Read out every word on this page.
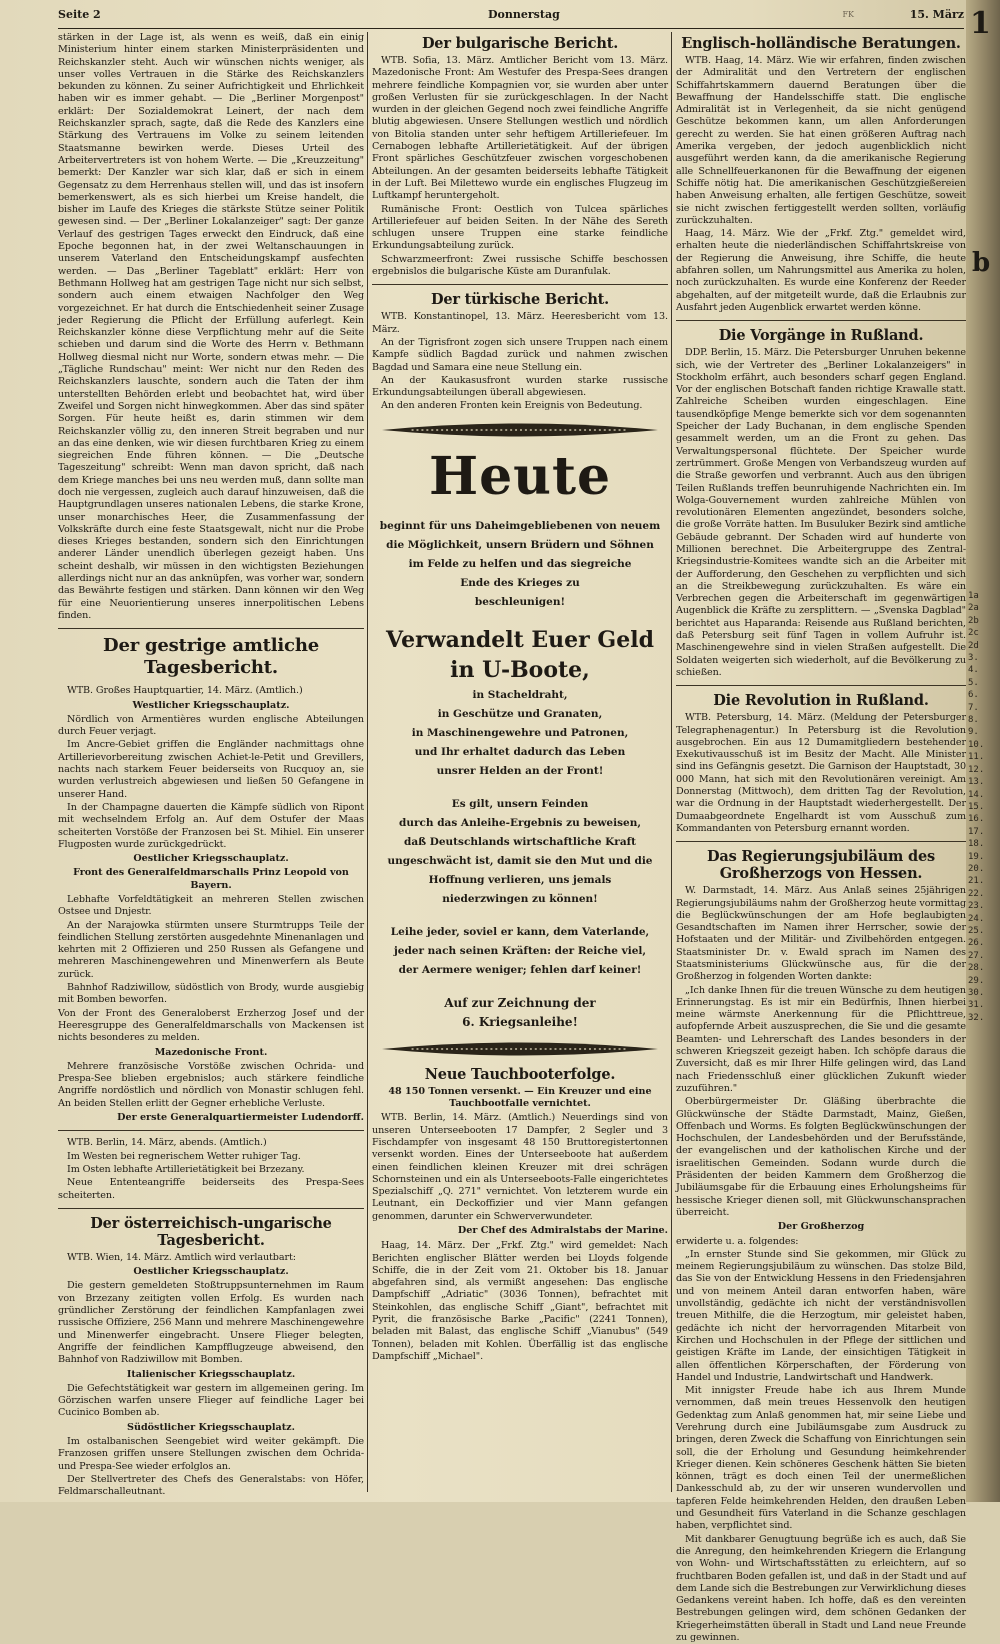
Seite 2	Donnerstag	FK	15. März

stärken in der Lage ist, als wenn es weiß, daß ein einig Ministerium hinter einem starken Ministerpräsidenten und Reichskanzler steht. Auch wir wünschen nichts weniger, als unser volles Vertrauen in die Stärke des Reichskanzlers bekunden zu können. Zu seiner Aufrichtigkeit und Ehrlichkeit haben wir es immer gehabt. — Die „Berliner Morgenpost" erklärt: Der Sozialdemokrat Leinert, der nach dem Reichskanzler sprach, sagte, daß die Rede des Kanzlers eine Stärkung des Vertrauens im Volke zu seinem leitenden Staatsmanne bewirken werde. Dieses Urteil des Arbeitervertreters ist von hohem Werte. — Die „Kreuzzeitung" bemerkt: Der Kanzler war sich klar, daß er sich in einem Gegensatz zu dem Herrenhaus stellen will, und das ist insofern bemerkenswert, als es sich hierbei um Kreise handelt, die bisher im Laufe des Krieges die stärkste Stütze seiner Politik gewesen sind. — Der „Berliner Lokalanzeiger" sagt: Der ganze Verlauf des gestrigen Tages erweckt den Eindruck, daß eine Epoche begonnen hat, in der zwei Weltanschauungen in unserem Vaterland den Entscheidungskampf ausfechten werden. — Das „Berliner Tageblatt" erklärt: Herr von Bethmann Hollweg hat am gestrigen Tage nicht nur sich selbst, sondern auch einem etwaigen Nachfolger den Weg vorgezeichnet. Er hat durch die Entschiedenheit seiner Zusage jeder Regierung die Pflicht der Erfüllung auferlegt. Kein Reichskanzler könne diese Verpflichtung mehr auf die Seite schieben und darum sind die Worte des Herrn v. Bethmann Hollweg diesmal nicht nur Worte, sondern etwas mehr. — Die „Tägliche Rundschau" meint: Wer nicht nur den Reden des Reichskanzlers lauschte, sondern auch die Taten der ihm unterstellten Behörden erlebt und beobachtet hat, wird über Zweifel und Sorgen nicht hinwegkommen. Aber das sind später Sorgen. Für heute heißt es, darin stimmen wir dem Reichskanzler völlig zu, den inneren Streit begraben und nur an das eine denken, wie wir diesen furchtbaren Krieg zu einem siegreichen Ende führen können. — Die „Deutsche Tageszeitung" schreibt: Wenn man davon spricht, daß nach dem Kriege manches bei uns neu werden muß, dann sollte man doch nie vergessen, zugleich auch darauf hinzuweisen, daß die Hauptgrundlagen unseres nationalen Lebens, die starke Krone, unser monarchisches Heer, die Zusammenfassung der Volkskräfte durch eine feste Staatsgewalt, nicht nur die Probe dieses Krieges bestanden, sondern sich den Einrichtungen anderer Länder unendlich überlegen gezeigt haben. Uns scheint deshalb, wir müssen in den wichtigsten Beziehungen allerdings nicht nur an das anknüpfen, was vorher war, sondern das Bewährte festigen und stärken. Dann können wir den Weg für eine Neuorientierung unseres innerpolitischen Lebens finden.

Der gestrige amtliche Tagesbericht.

WTB. Großes Hauptquartier, 14. März. (Amtlich.)

Westlicher Kriegsschauplatz.

Nördlich von Armentières wurden englische Abteilungen durch Feuer verjagt.

Im Ancre-Gebiet griffen die Engländer nachmittags ohne Artillerievorbereitung zwischen Achiet-le-Petit und Grevillers, nachts nach starkem Feuer beiderseits von Rucquoy an, sie wurden verlustreich abgewiesen und ließen 50 Gefangene in unserer Hand.

In der Champagne dauerten die Kämpfe südlich von Ripont mit wechselndem Erfolg an. Auf dem Ostufer der Maas scheiterten Vorstöße der Franzosen bei St. Mihiel. Ein unserer Flugposten wurde zurückgedrückt.

Oestlicher Kriegsschauplatz.
Front des Generalfeldmarschalls Prinz Leopold von Bayern.

Lebhafte Vorfeldtätigkeit an mehreren Stellen zwischen Ostsee und Dnjestr.

An der Narajowka stürmten unsere Sturmtrupps Teile der feindlichen Stellung zerstörten ausgedehnte Minenanlagen und kehrten mit 2 Offizieren und 250 Russen als Gefangene und mehreren Maschinengewehren und Minenwerfern als Beute zurück.

Bahnhof Radziwillow, südöstlich von Brody, wurde ausgiebig mit Bomben beworfen.

Von der Front des Generaloberst Erzherzog Josef und der Heeresgruppe des Generalfeldmarschalls von Mackensen ist nichts besonderes zu melden.

Mazedonische Front.

Mehrere französische Vorstöße zwischen Ochrida- und Prespa-See blieben ergebnislos; auch stärkere feindliche Angriffe nordöstlich und nördlich von Monastir schlugen fehl. An beiden Stellen erlitt der Gegner erhebliche Verluste.

Der erste Generalquartiermeister Ludendorff.

WTB. Berlin, 14. März, abends. (Amtlich.)

Im Westen bei regnerischem Wetter ruhiger Tag.

Im Osten lebhafte Artillerietätigkeit bei Brzezany.

Neue Ententeangriffe beiderseits des Prespa-Sees scheiterten.

Der österreichisch-ungarische Tagesbericht.

WTB. Wien, 14. März. Amtlich wird verlautbart:

Oestlicher Kriegsschauplatz.

Die gestern gemeldeten Stoßtruppsunternehmen im Raum von Brzezany zeitigten vollen Erfolg. Es wurden nach gründlicher Zerstörung der feindlichen Kampfanlagen zwei russische Offiziere, 256 Mann und mehrere Maschinengewehre und Minenwerfer eingebracht. Unsere Flieger belegten, Angriffe der feindlichen Kampfflugzeuge abweisend, den Bahnhof von Radziwillow mit Bomben.

Italienischer Kriegsschauplatz.

Die Gefechtstätigkeit war gestern im allgemeinen gering. Im Görzischen warfen unsere Flieger auf feindliche Lager bei Cucinico Bomben ab.

Südöstlicher Kriegsschauplatz.

Im ostalbanischen Seengebiet wird weiter gekämpft. Die Franzosen griffen unsere Stellungen zwischen dem Ochrida- und Prespa-See wieder erfolglos an.

Der Stellvertreter des Chefs des Generalstabs: von Höfer, Feldmarschalleutnant.

Der bulgarische Bericht.

WTB. Sofia, 13. März. Amtlicher Bericht vom 13. März. Mazedonische Front: Am Westufer des Prespa-Sees drangen mehrere feindliche Kompagnien vor, sie wurden aber unter großen Verlusten für sie zurückgeschlagen. In der Nacht wurden in der gleichen Gegend noch zwei feindliche Angriffe blutig abgewiesen. Unsere Stellungen westlich und nördlich von Bitolia standen unter sehr heftigem Artilleriefeuer. Im Cernabogen lebhafte Artillerietätigkeit. Auf der übrigen Front spärliches Geschützfeuer zwischen vorgeschobenen Abteilungen. An der gesamten beiderseits lebhafte Tätigkeit in der Luft. Bei Milettewo wurde ein englisches Flugzeug im Luftkampf heruntergeholt.

Rumänische Front: Oestlich von Tulcea spärliches Artilleriefeuer auf beiden Seiten. In der Nähe des Sereth schlugen unsere Truppen eine starke feindliche Erkundungsabteilung zurück.

Schwarzmeerfront: Zwei russische Schiffe beschossen ergebnislos die bulgarische Küste am Duranfulak.

Der türkische Bericht.

WTB. Konstantinopel, 13. März. Heeresbericht vom 13. März.

An der Tigrisfront zogen sich unsere Truppen nach einem Kampfe südlich Bagdad zurück und nahmen zwischen Bagdad und Samara eine neue Stellung ein.

An der Kaukasusfront wurden starke russische Erkundungsabteilungen überall abgewiesen.

An den anderen Fronten kein Ereignis von Bedeutung.

Heute
beginnt für uns Daheimgebliebenen von neuem
die Möglichkeit, unsern Brüdern und Söhnen
im Felde zu helfen und das siegreiche
Ende des Krieges zu
beschleunigen!
Verwandelt Euer Geld
in U-Boote,
in Stacheldraht,
in Geschütze und Granaten,
in Maschinengewehre und Patronen,
und Ihr erhaltet dadurch das Leben
unsrer Helden an der Front!
Es gilt, unsern Feinden
durch das Anleihe-Ergebnis zu beweisen,
daß Deutschlands wirtschaftliche Kraft
ungeschwächt ist, damit sie den Mut und die
Hoffnung verlieren, uns jemals
niederzwingen zu können!
Leihe jeder, soviel er kann, dem Vaterlande,
jeder nach seinen Kräften: der Reiche viel,
der Aermere weniger; fehlen darf keiner!
Auf zur Zeichnung der
6. Kriegsanleihe!
Neue Tauchbooterfolge.
48 150 Tonnen versenkt. — Ein Kreuzer und eine Tauchbootfalle vernichtet.

WTB. Berlin, 14. März. (Amtlich.) Neuerdings sind von unseren Unterseebooten 17 Dampfer, 2 Segler und 3 Fischdampfer von insgesamt 48 150 Bruttoregistertonnen versenkt worden. Eines der Unterseeboote hat außerdem einen feindlichen kleinen Kreuzer mit drei schrägen Schornsteinen und ein als Unterseeboots-Falle eingerichtetes Spezialschiff „Q. 271" vernichtet. Von letzterem wurde ein Leutnant, ein Deckoffizier und vier Mann gefangen genommen, darunter ein Schwerverwundeter.

Der Chef des Admiralstabs der Marine.

Haag, 14. März. Der „Frkf. Ztg." wird gemeldet: Nach Berichten englischer Blätter werden bei Lloyds folgende Schiffe, die in der Zeit vom 21. Oktober bis 18. Januar abgefahren sind, als vermißt angesehen: Das englische Dampfschiff „Adriatic" (3036 Tonnen), befrachtet mit Steinkohlen, das englische Schiff „Giant", befrachtet mit Pyrit, die französische Barke „Pacific" (2241 Tonnen), beladen mit Balast, das englische Schiff „Vianubus" (549 Tonnen), beladen mit Kohlen. Überfällig ist das englische Dampfschiff „Michael".

Englisch-holländische Beratungen.

WTB. Haag, 14. März. Wie wir erfahren, finden zwischen der Admiralität und den Vertretern der englischen Schiffahrtskammern dauernd Beratungen über die Bewaffnung der Handelsschiffe statt. Die englische Admiralität ist in Verlegenheit, da sie nicht genügend Geschütze bekommen kann, um allen Anforderungen gerecht zu werden. Sie hat einen größeren Auftrag nach Amerika vergeben, der jedoch augenblicklich nicht ausgeführt werden kann, da die amerikanische Regierung alle Schnellfeuerkanonen für die Bewaffnung der eigenen Schiffe nötig hat. Die amerikanischen Geschützgießereien haben Anweisung erhalten, alle fertigen Geschütze, soweit sie nicht zwischen fertiggestellt werden sollten, vorläufig zurückzuhalten.

Haag, 14. März. Wie der „Frkf. Ztg." gemeldet wird, erhalten heute die niederländischen Schiffahrtskreise von der Regierung die Anweisung, ihre Schiffe, die heute abfahren sollen, um Nahrungsmittel aus Amerika zu holen, noch zurückzuhalten. Es wurde eine Konferenz der Reeder abgehalten, auf der mitgeteilt wurde, daß die Erlaubnis zur Ausfahrt jeden Augenblick erwartet werden könne.

Die Vorgänge in Rußland.

DDP. Berlin, 15. März. Die Petersburger Unruhen bekenne sich, wie der Vertreter des „Berliner Lokalanzeigers" in Stockholm erfährt, auch besonders scharf gegen England. Vor der englischen Botschaft fanden richtige Krawalle statt. Zahlreiche Scheiben wurden eingeschlagen. Eine tausendköpfige Menge bemerkte sich vor dem sogenannten Speicher der Lady Buchanan, in dem englische Spenden gesammelt werden, um an die Front zu gehen. Das Verwaltungspersonal flüchtete. Der Speicher wurde zertrümmert. Große Mengen von Verbandszeug wurden auf die Straße geworfen und verbrannt. Auch aus den übrigen Teilen Rußlands treffen beunruhigende Nachrichten ein. Im Wolga-Gouvernement wurden zahlreiche Mühlen von revolutionären Elementen angezündet, besonders solche, die große Vorräte hatten. Im Busuluker Bezirk sind amtliche Gebäude gebrannt. Der Schaden wird auf hunderte von Millionen berechnet. Die Arbeitergruppe des Zentral-Kriegsindustrie-Komitees wandte sich an die Arbeiter mit der Aufforderung, den Geschehen zu verpflichten und sich an die Streikbewegung zurückzuhalten. Es wäre ein Verbrechen gegen die Arbeiterschaft im gegenwärtigen Augenblick die Kräfte zu zersplittern. — „Svenska Dagblad" berichtet aus Haparanda: Reisende aus Rußland berichten, daß Petersburg seit fünf Tagen in vollem Aufruhr ist. Maschinengewehre sind in vielen Straßen aufgestellt. Die Soldaten weigerten sich wiederholt, auf die Bevölkerung zu schießen.

Die Revolution in Rußland.

WTB. Petersburg, 14. März. (Meldung der Petersburger Telegraphenagentur.) In Petersburg ist die Revolution ausgebrochen. Ein aus 12 Dumamitgliedern bestehender Exekutivausschuß ist im Besitz der Macht. Alle Minister sind ins Gefängnis gesetzt. Die Garnison der Hauptstadt, 30 000 Mann, hat sich mit den Revolutionären vereinigt. Am Donnerstag (Mittwoch), dem dritten Tag der Revolution, war die Ordnung in der Hauptstadt wiederhergestellt. Der Dumaabgeordnete Engelhardt ist vom Ausschuß zum Kommandanten von Petersburg ernannt worden.

Das Regierungsjubiläum des Großherzogs von Hessen.

W. Darmstadt, 14. März. Aus Anlaß seines 25jährigen Regierungsjubiläums nahm der Großherzog heute vormittag die Beglückwünschungen der am Hofe beglaubigten Gesandtschaften im Namen ihrer Herrscher, sowie der Hofstaaten und der Militär- und Zivilbehörden entgegen. Staatsminister Dr. v. Ewald sprach im Namen des Staatsministeriums Glückwünsche aus, für die der Großherzog in folgenden Worten dankte:

„Ich danke Ihnen für die treuen Wünsche zu dem heutigen Erinnerungstag. Es ist mir ein Bedürfnis, Ihnen hierbei meine wärmste Anerkennung für die Pflichttreue, aufopfernde Arbeit auszusprechen, die Sie und die gesamte Beamten- und Lehrerschaft des Landes besonders in der schweren Kriegszeit gezeigt haben. Ich schöpfe daraus die Zuversicht, daß es mir Ihrer Hilfe gelingen wird, das Land nach Friedensschluß einer glücklichen Zukunft wieder zuzuführen."

Oberbürgermeister Dr. Gläßing überbrachte die Glückwünsche der Städte Darmstadt, Mainz, Gießen, Offenbach und Worms. Es folgten Beglückwünschungen der Hochschulen, der Landesbehörden und der Berufsstände, der evangelischen und der katholischen Kirche und der israelitischen Gemeinden. Sodann wurde durch die Präsidenten der beiden Kammern dem Großherzog die Jubiläumsgabe für die Erbauung eines Erholungsheims für hessische Krieger dienen soll, mit Glückwunschansprachen überreicht.

Der Großherzog

erwiderte u. a. folgendes:

„In ernster Stunde sind Sie gekommen, mir Glück zu meinem Regierungsjubiläum zu wünschen. Das stolze Bild, das Sie von der Entwicklung Hessens in den Friedensjahren und von meinem Anteil daran entworfen haben, wäre unvollständig, gedächte ich nicht der verständnisvollen treuen Mithilfe, die die Herzogtum, mir geleistet haben, gedächte ich nicht der hervorragenden Mitarbeit von Kirchen und Hochschulen in der Pflege der sittlichen und geistigen Kräfte im Lande, der einsichtigen Tätigkeit in allen öffentlichen Körperschaften, der Förderung von Handel und Industrie, Landwirtschaft und Handwerk.

Mit innigster Freude habe ich aus Ihrem Munde vernommen, daß mein treues Hessenvolk den heutigen Gedenktag zum Anlaß genommen hat, mir seine Liebe und Verehrung durch eine Jubiläumsgabe zum Ausdruck zu bringen, deren Zweck die Schaffung von Einrichtungen sein soll, die der Erholung und Gesundung heimkehrender Krieger dienen. Kein schöneres Geschenk hätten Sie bieten können, trägt es doch einen Teil der unermeßlichen Dankesschuld ab, zu der wir unseren wundervollen und tapferen Felde heimkehrenden Helden, den draußen Leben und Gesundheit fürs Vaterland in die Schanze geschlagen haben, verpflichtet sind.

Mit dankbarer Genugtuung begrüße ich es auch, daß Sie die Anregung, den heimkehrenden Kriegern die Erlangung von Wohn- und Wirtschaftsstätten zu erleichtern, auf so fruchtbaren Boden gefallen ist, und daß in der Stadt und auf dem Lande sich die Bestrebungen zur Verwirklichung dieses Gedankens vereint haben. Ich hoffe, daß es den vereinten Bestrebungen gelingen wird, dem schönen Gedanken der Kriegerheimstätten überall in Stadt und Land neue Freunde zu gewinnen.

1
b
1a
2a
2b
2c
2d
3.
4.
5.
6.
7.
8.
9.
10.
11.
12.
13.
14.
15.
16.
17.
18.
19.
20.
21.
22.
23.
24.
25.
26.
27.
28.
29.
30.
31.
32.
